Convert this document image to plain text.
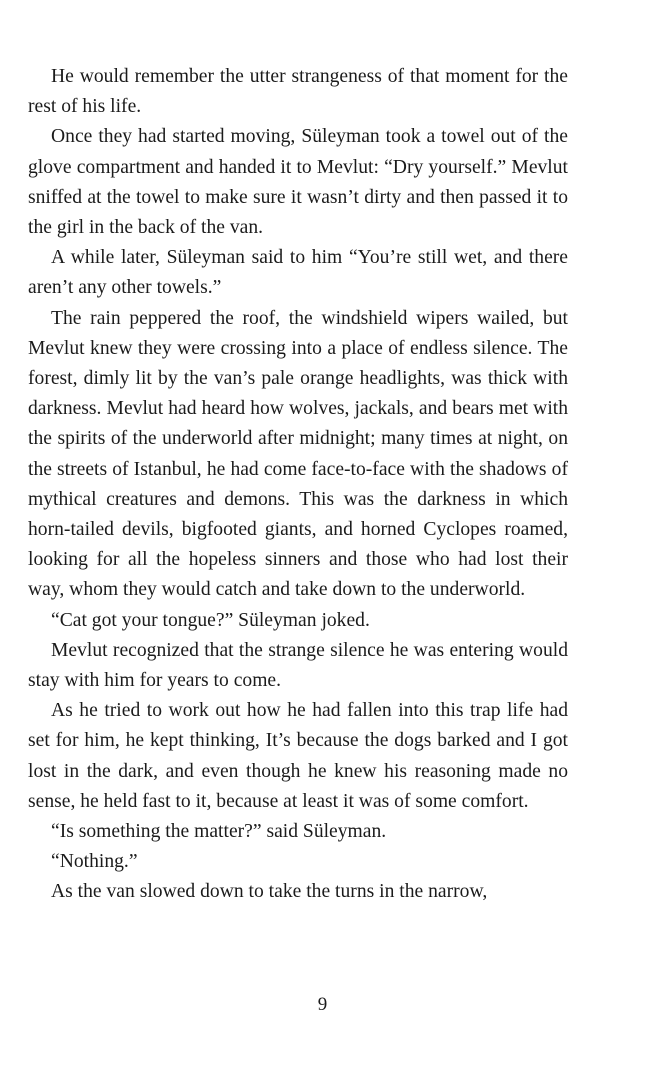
He would remember the utter strangeness of that moment for the rest of his life.

Once they had started moving, Süleyman took a towel out of the glove compartment and handed it to Mevlut: “Dry yourself.” Mevlut sniffed at the towel to make sure it wasn’t dirty and then passed it to the girl in the back of the van.

A while later, Süleyman said to him “You’re still wet, and there aren’t any other towels.”

The rain peppered the roof, the windshield wipers wailed, but Mevlut knew they were crossing into a place of endless silence. The forest, dimly lit by the van’s pale orange headlights, was thick with darkness. Mevlut had heard how wolves, jackals, and bears met with the spirits of the underworld after midnight; many times at night, on the streets of Istanbul, he had come face-to-face with the shadows of mythical creatures and demons. This was the darkness in which horn-tailed devils, bigfooted giants, and horned Cyclopes roamed, looking for all the hopeless sinners and those who had lost their way, whom they would catch and take down to the underworld.

“Cat got your tongue?” Süleyman joked.

Mevlut recognized that the strange silence he was entering would stay with him for years to come.

As he tried to work out how he had fallen into this trap life had set for him, he kept thinking, It’s because the dogs barked and I got lost in the dark, and even though he knew his reasoning made no sense, he held fast to it, because at least it was of some comfort.

“Is something the matter?” said Süleyman.

“Nothing.”

As the van slowed down to take the turns in the narrow,

9
